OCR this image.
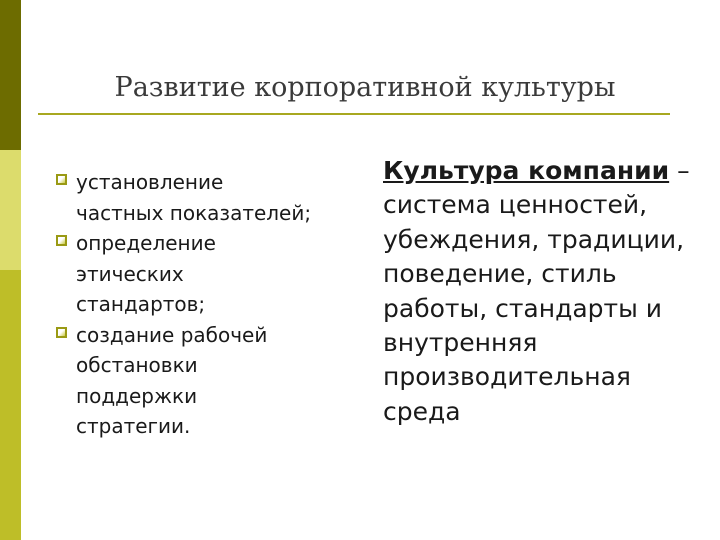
Развитие корпоративной культуры
установление частных показателей;
определение этических стандартов;
создание рабочей обстановки поддержки стратегии.

Культура компании – система ценностей, убеждения, традиции, поведение, стиль работы, стандарты и внутренняя производительная среда
